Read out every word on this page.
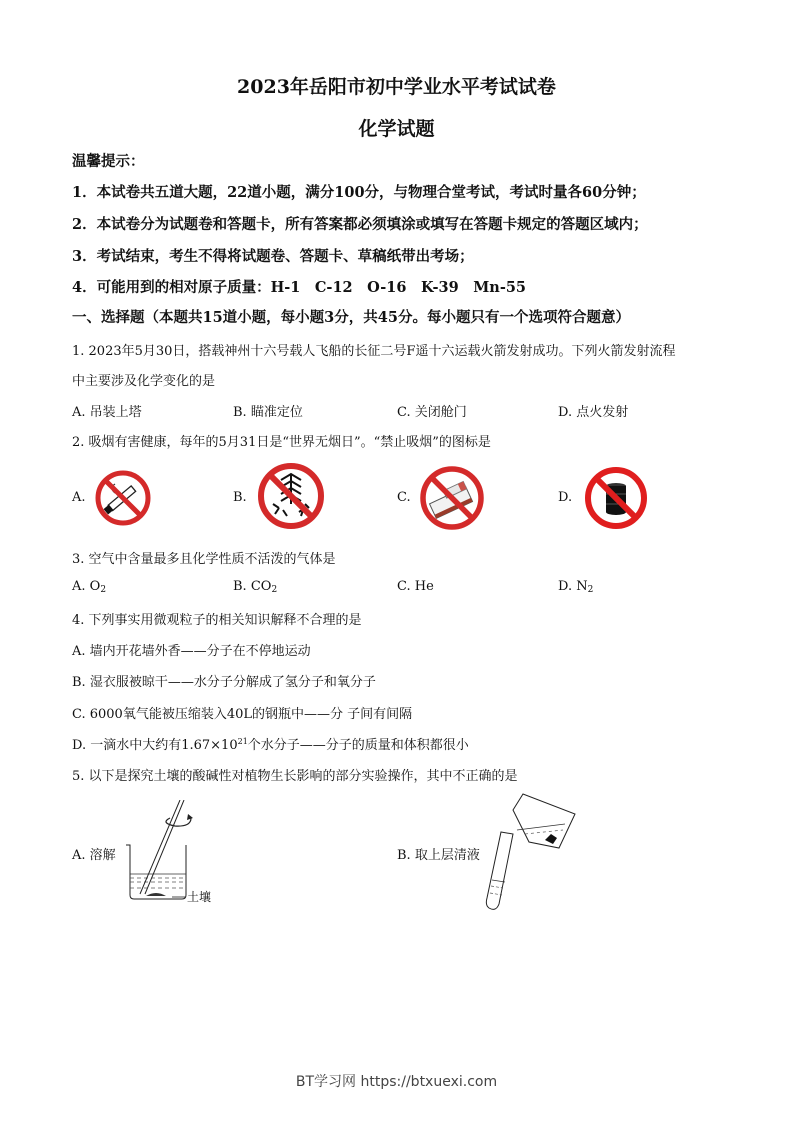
2023年岳阳市初中学业水平考试试卷
化学试题
温馨提示：
1．本试卷共五道大题，22道小题，满分100分，与物理合堂考试，考试时量各60分钟；
2．本试卷分为试题卷和答题卡，所有答案都必须填涂或填写在答题卡规定的答题区域内；
3．考试结束，考生不得将试题卷、答题卡、草稿纸带出考场；
4．可能用到的相对原子质量：H-1　C-12　O-16　K-39　Mn-55
一、选择题（本题共15道小题，每小题3分，共45分。每小题只有一个选项符合题意）
1. 2023年5月30日，搭载神州十六号载人飞船的长征二号F遥十六运载火箭发射成功。下列火箭发射流程
中主要涉及化学变化的是
A. 吊装上塔	B. 瞄准定位	C. 关闭舱门	D. 点火发射
2. 吸烟有害健康，每年的5月31日是“世界无烟日”。“禁止吸烟”的图标是
A.	B.	C.	D.
3. 空气中含量最多且化学性质不活泼的气体是
A. $O_2$	B. $CO_2$	C. He	D. $N_2$
4. 下列事实用微观粒子的相关知识解释不合理的是
A. 墙内开花墙外香——分子在不停地运动
B. 湿衣服被晾干——水分子分解成了氢分子和氧分子
C. 6000氧气能被压缩装入40L的钢瓶中——分 子间有间隔
D. 一滴水中大约有$1.67\times 10^{21}$个水分子——分子的质量和体积都很小
5. 以下是探究土壤的酸碱性对植物生长影响的部分实验操作，其中不正确的是
A. 溶解	B. 取上层清液
土壤
BT学习网 https://btxuexi.com
